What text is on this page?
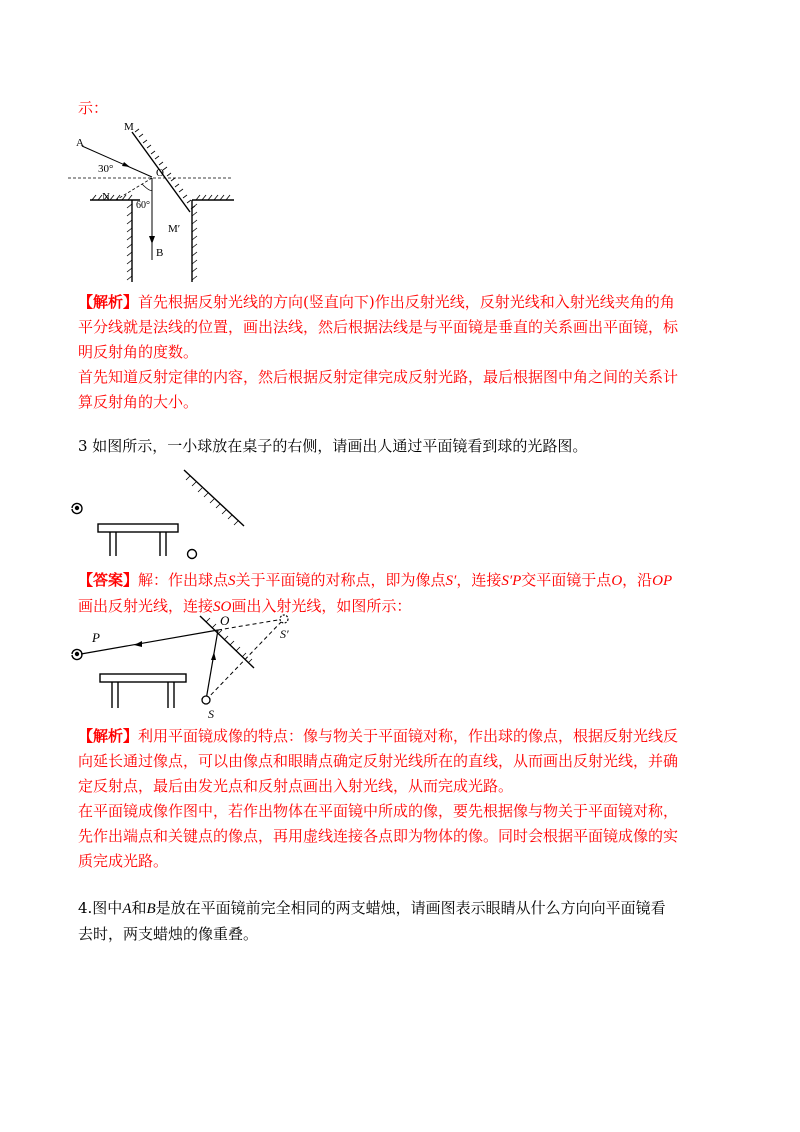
示：
A
M
O
N
M′
B
30°
60°
【解析】首先根据反射光线的方向(竖直向下)作出反射光线，反射光线和入射光线夹角的角
平分线就是法线的位置，画出法线，然后根据法线是与平面镜是垂直的关系画出平面镜，标
明反射角的度数。
首先知道反射定律的内容，然后根据反射定律完成反射光路，最后根据图中角之间的关系计
算反射角的大小。
3 如图所示，一小球放在桌子的右侧，请画出人通过平面镜看到球的光路图。
【答案】解：作出球点S关于平面镜的对称点，即为像点S′，连接S′P交平面镜于点O，沿OP
画出反射光线，连接SO画出入射光线，如图所示：
P
O
S′
S
【解析】利用平面镜成像的特点：像与物关于平面镜对称，作出球的像点，根据反射光线反
向延长通过像点，可以由像点和眼睛点确定反射光线所在的直线，从而画出反射光线，并确
定反射点，最后由发光点和反射点画出入射光线，从而完成光路。
在平面镜成像作图中，若作出物体在平面镜中所成的像，要先根据像与物关于平面镜对称，
先作出端点和关键点的像点，再用虚线连接各点即为物体的像。同时会根据平面镜成像的实
质完成光路。
4.图中A和B是放在平面镜前完全相同的两支蜡烛，请画图表示眼睛从什么方向向平面镜看
去时，两支蜡烛的像重叠。
